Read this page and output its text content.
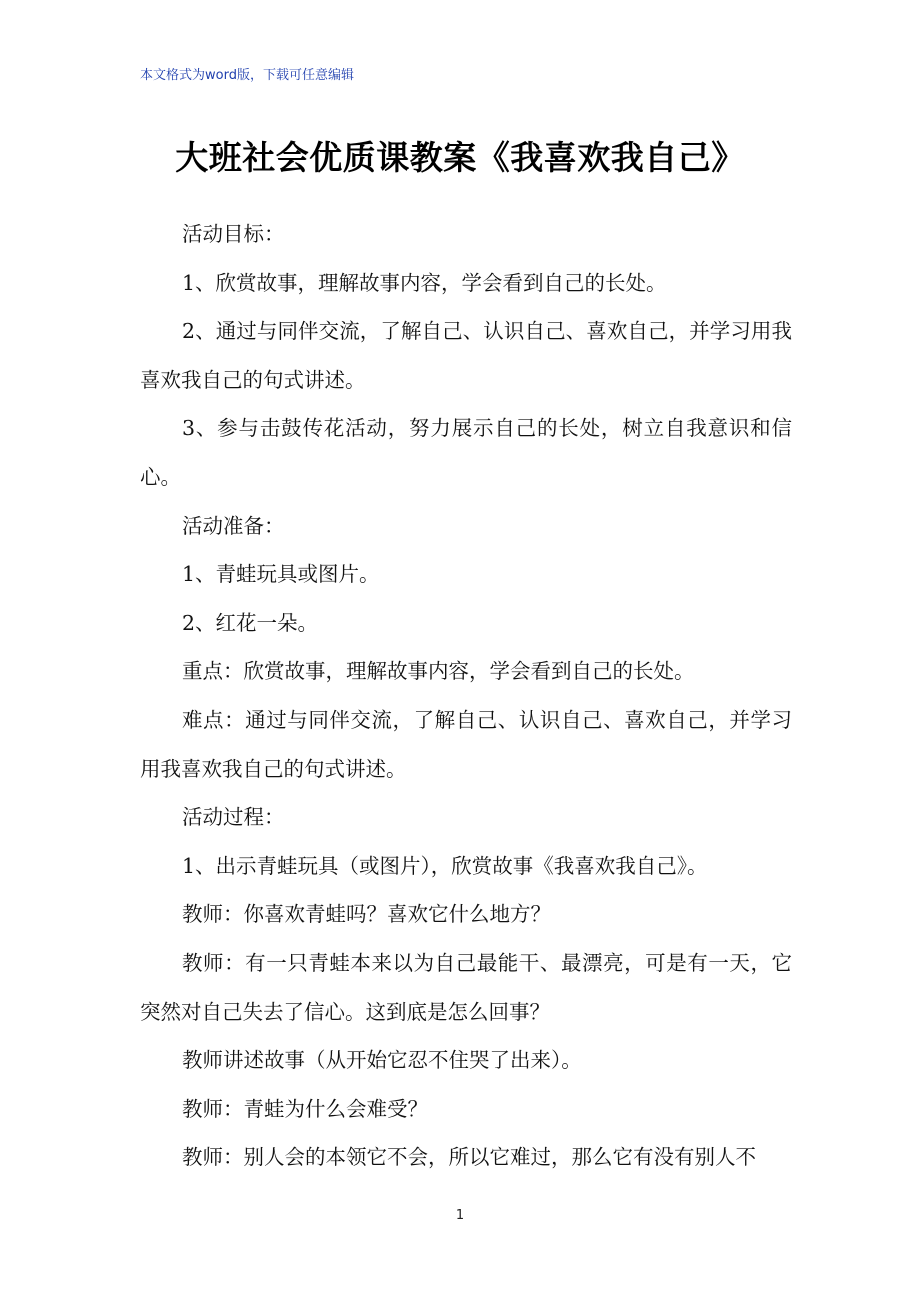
本文格式为word版，下载可任意编辑
大班社会优质课教案《我喜欢我自己》

活动目标：

1、欣赏故事，理解故事内容，学会看到自己的长处。

2、通过与同伴交流，了解自己、认识自己、喜欢自己，并学习用我喜欢我自己的句式讲述。

3、参与击鼓传花活动，努力展示自己的长处，树立自我意识和信心。

活动准备：

1、青蛙玩具或图片。

2、红花一朵。

重点：欣赏故事，理解故事内容，学会看到自己的长处。

难点：通过与同伴交流，了解自己、认识自己、喜欢自己，并学习用我喜欢我自己的句式讲述。

活动过程：

1、出示青蛙玩具（或图片），欣赏故事《我喜欢我自己》。

教师：你喜欢青蛙吗？喜欢它什么地方？

教师：有一只青蛙本来以为自己最能干、最漂亮，可是有一天，它突然对自己失去了信心。这到底是怎么回事？

教师讲述故事（从开始它忍不住哭了出来）。

教师：青蛙为什么会难受？

教师：别人会的本领它不会，所以它难过，那么它有没有别人不

1
